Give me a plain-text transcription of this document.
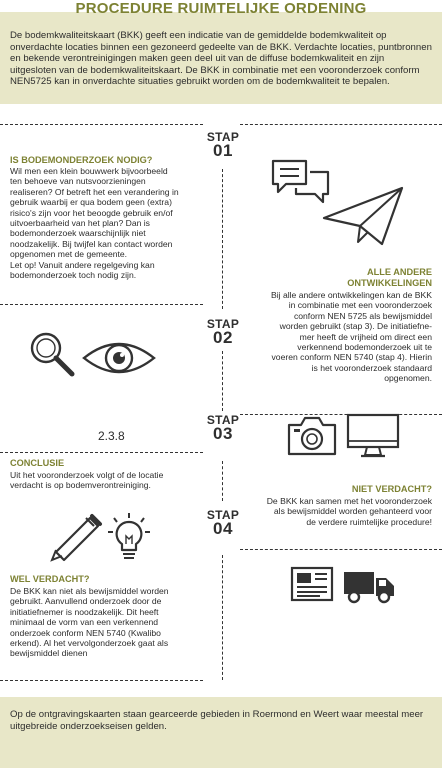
De bodemkwaliteitskaart (BKK) geeft een indicatie van de gemiddelde bodemkwaliteit op onverdachte locaties binnen een gezoneerd gedeelte van de BKK. Verdachte locaties, puntbronnen en bekende verontreinigingen maken geen deel uit van de diffuse bodemkwaliteit en zijn uitgesloten van de bodemkwaliteitskaart. De BKK in combinatie met een vooronderzoek conform NEN5725 kan in onverdachte situaties gebruikt worden om de bodemkwaliteit te bepalen.

PROCEDURE RUIMTELIJKE ORDENING
STAP
01
STAP
02
STAP
03
STAP
04
IS BODEMONDERZOEK NODIG?
Wil men een klein bouwwerk bijvoorbeeld
ten behoeve van nutsvoorzieningen
realiseren? Of betreft het een verandering in
gebruik waarbij er qua bodem geen (extra)
risico's zijn voor het beoogde gebruik en/of
uitvoerbaarheid van het plan? Dan is
bodemonderzoek waarschijnlijk niet
noodzakelijk. Bij twijfel kan contact worden
opgenomen met de gemeente.
Let op! Vanuit andere regelgeving kan
bodemonderzoek toch nodig zijn.	ALLE ANDERE
ONTWIKKELINGEN
Bij alle andere ontwikkelingen kan de BKK
in combinatie met een vooronderzoek
conform NEN 5725 als bewijsmiddel
worden gebruikt (stap 3). De initiatiefne-
mer heeft de vrijheid om direct een
verkennend bodemonderzoek uit te
voeren conform NEN 5740 (stap 4). Hierin
is het vooronderzoek standaard
opgenomen.
2.3.8
CONCLUSIE
Uit het vooronderzoek volgt of de locatie
verdacht is op bodemverontreiniging.	NIET VERDACHT?
De BKK kan samen met het vooronderzoek
als bewijsmiddel worden gehanteerd voor
de verdere ruimtelijke procedure!
WEL VERDACHT?
De BKK kan niet als bewijsmiddel worden
gebruikt. Aanvullend onderzoek door de
initiatiefnemer is noodzakelijk. Dit heeft
minimaal de vorm van een verkennend
onderzoek conform NEN 5740 (Kwalibo
erkend). Al het vervolgonderzoek gaat als
bewijsmiddel dienen

Op de ontgravingskaarten staan gearceerde gebieden in Roermond en Weert waar meestal meer uitgebreide onderzoekseisen gelden.
